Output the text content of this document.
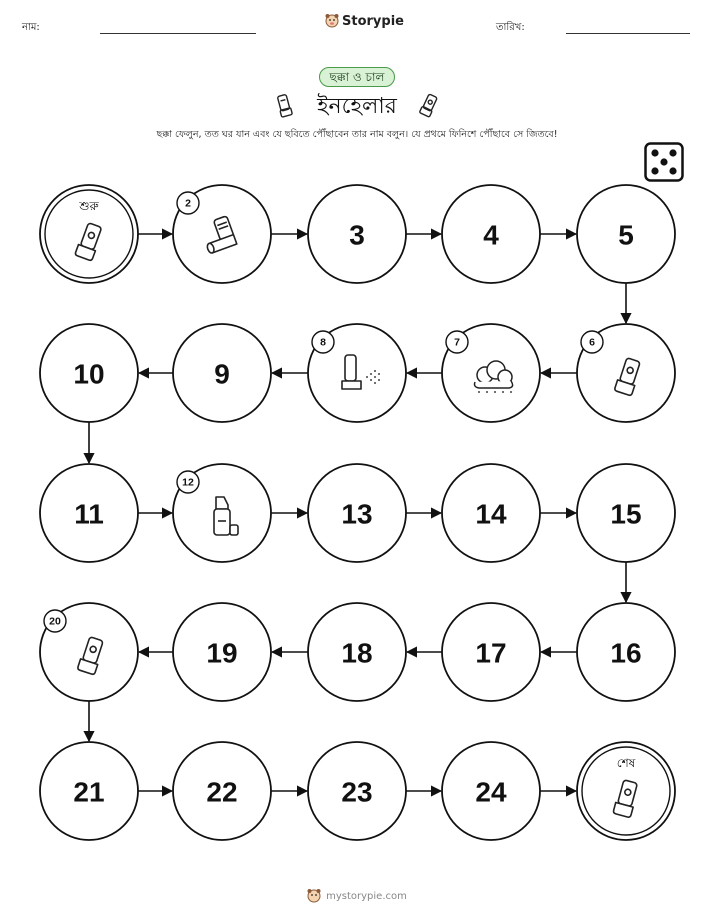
নাম:	Storypie	তারিখ:
ছক্কা ও চাল
ইনহেলার
ছক্কা ফেলুন, তত ঘর যান এবং যে ছবিতে পৌঁছাবেন তার নাম বলুন। যে প্রথমে ফিনিশে পৌঁছাবে সে জিতবে!
শুরু	2
3	4	5
6
7
8
9
10
11
12
13	14	15
16
17
18
19
20
21	22	23	24
শেষ
mystorypie.com
